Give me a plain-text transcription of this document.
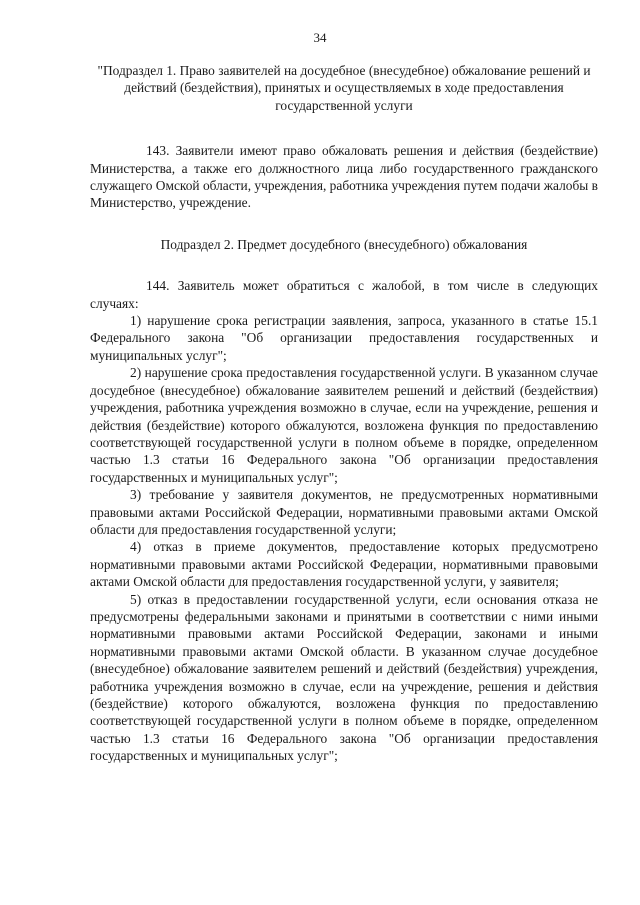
34

"Подраздел 1. Право заявителей на досудебное (внесудебное) обжалование решений и действий (бездействия), принятых и осуществляемых в ходе предоставления государственной услуги

143. Заявители имеют право обжаловать решения и действия (бездействие) Министерства, а также его должностного лица либо государственного гражданского служащего Омской области, учреждения, работника учреждения путем подачи жалобы в Министерство, учреждение.

Подраздел 2. Предмет досудебного (внесудебного) обжалования

144. Заявитель может обратиться с жалобой, в том числе в следующих случаях:

1) нарушение срока регистрации заявления, запроса, указанного в статье 15.1 Федерального закона "Об организации предоставления государственных и муниципальных услуг";

2) нарушение срока предоставления государственной услуги. В указанном случае досудебное (внесудебное) обжалование заявителем решений и действий (бездействия) учреждения, работника учреждения возможно в случае, если на учреждение, решения и действия (бездействие) которого обжалуются, возложена функция по предоставлению соответствующей государственной услуги в полном объеме в порядке, определенном частью 1.3 статьи 16 Федерального закона "Об организации предоставления государственных и муниципальных услуг";

3) требование у заявителя документов, не предусмотренных нормативными правовыми актами Российской Федерации, нормативными правовыми актами Омской области для предоставления государственной услуги;

4) отказ в приеме документов, предоставление которых предусмотрено нормативными правовыми актами Российской Федерации, нормативными правовыми актами Омской области для предоставления государственной услуги, у заявителя;

5) отказ в предоставлении государственной услуги, если основания отказа не предусмотрены федеральными законами и принятыми в соответствии с ними иными нормативными правовыми актами Российской Федерации, законами и иными нормативными правовыми актами Омской области. В указанном случае досудебное (внесудебное) обжалование заявителем решений и действий (бездействия) учреждения, работника учреждения возможно в случае, если на учреждение, решения и действия (бездействие) которого обжалуются, возложена функция по предоставлению соответствующей государственной услуги в полном объеме в порядке, определенном частью 1.3 статьи 16 Федерального закона "Об организации предоставления государственных и муниципальных услуг";
